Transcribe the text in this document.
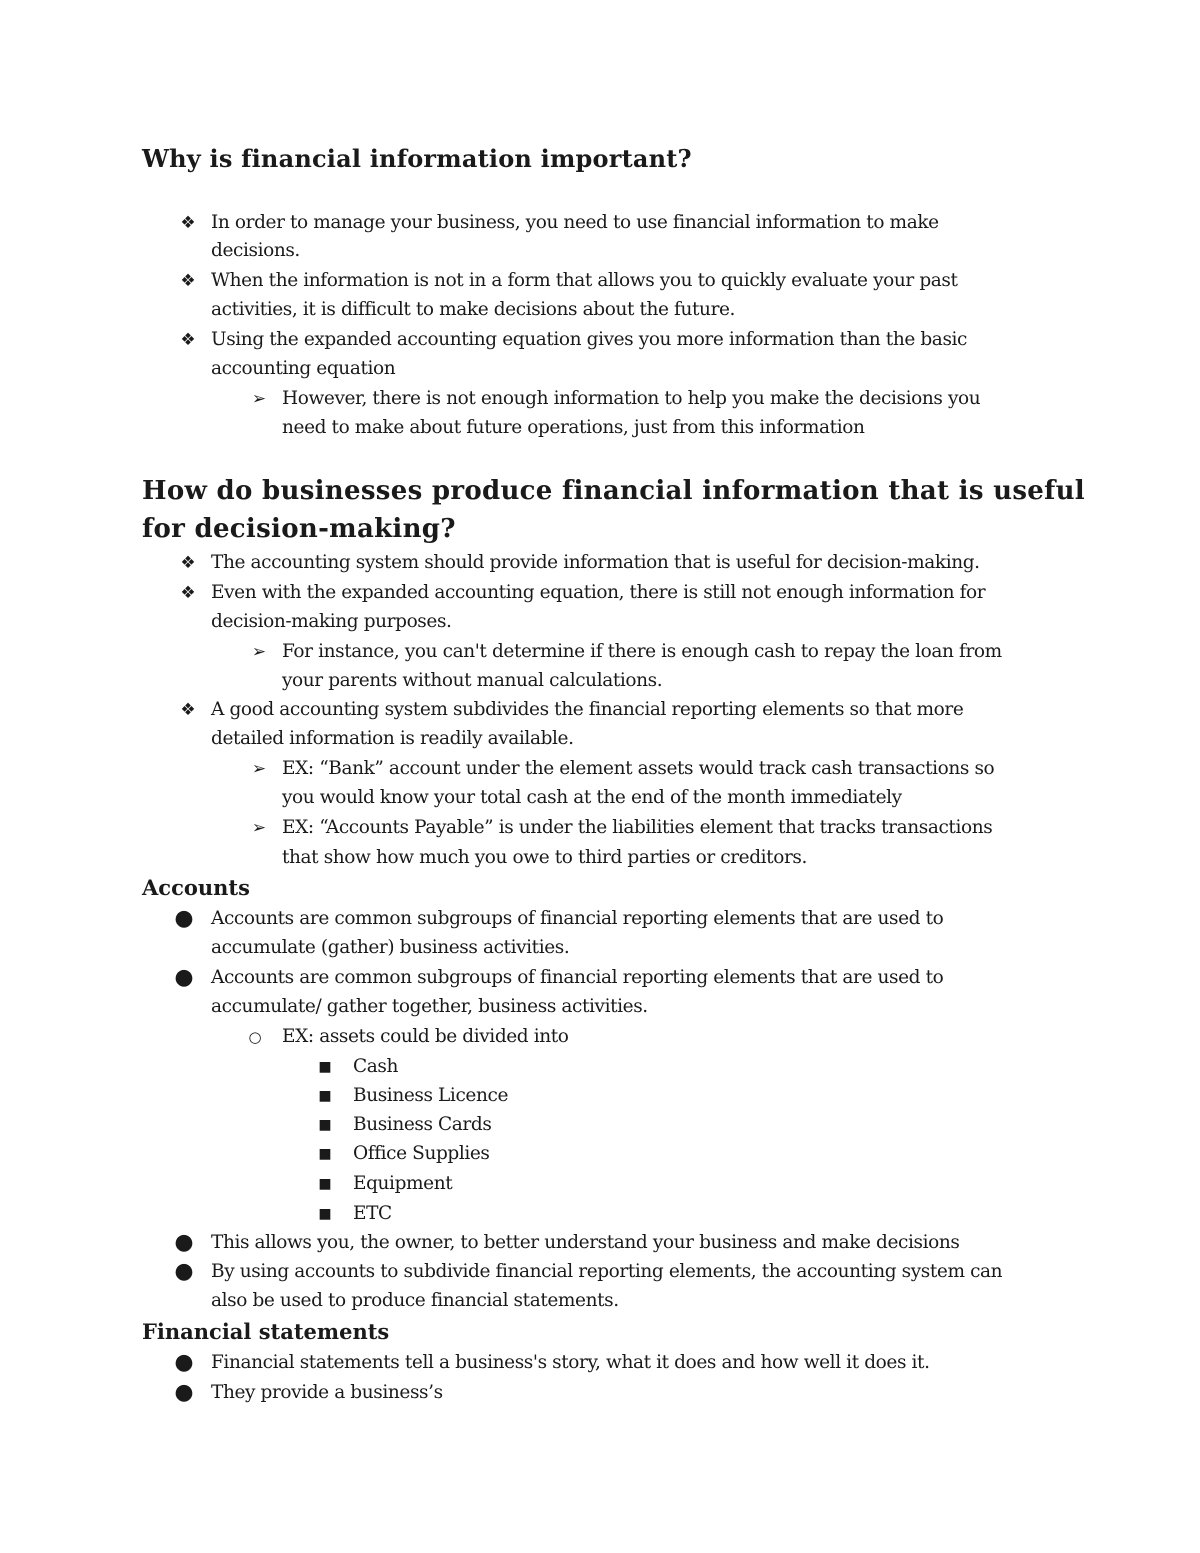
Why is financial information important?
❖ In order to manage your business, you need to use financial information to make
decisions.
❖ When the information is not in a form that allows you to quickly evaluate your past
activities, it is difficult to make decisions about the future.
❖ Using the expanded accounting equation gives you more information than the basic
accounting equation
➢ However, there is not enough information to help you make the decisions you
need to make about future operations, just from this information
How do businesses produce financial information that is useful
for decision-making?
❖ The accounting system should provide information that is useful for decision-making.
❖ Even with the expanded accounting equation, there is still not enough information for
decision-making purposes.
➢ For instance, you can't determine if there is enough cash to repay the loan from
your parents without manual calculations.
❖ A good accounting system subdivides the financial reporting elements so that more
detailed information is readily available.
➢ EX: “Bank” account under the element assets would track cash transactions so
you would know your total cash at the end of the month immediately
➢ EX: “Accounts Payable” is under the liabilities element that tracks transactions
that show how much you owe to third parties or creditors.
Accounts
● Accounts are common subgroups of financial reporting elements that are used to
accumulate (gather) business activities.
● Accounts are common subgroups of financial reporting elements that are used to
accumulate/ gather together, business activities.
○ EX: assets could be divided into
■ Cash
■ Business Licence
■ Business Cards
■ Office Supplies
■ Equipment
■ ETC
● This allows you, the owner, to better understand your business and make decisions
● By using accounts to subdivide financial reporting elements, the accounting system can
also be used to produce financial statements.
Financial statements
● Financial statements tell a business's story, what it does and how well it does it.
● They provide a business’s
